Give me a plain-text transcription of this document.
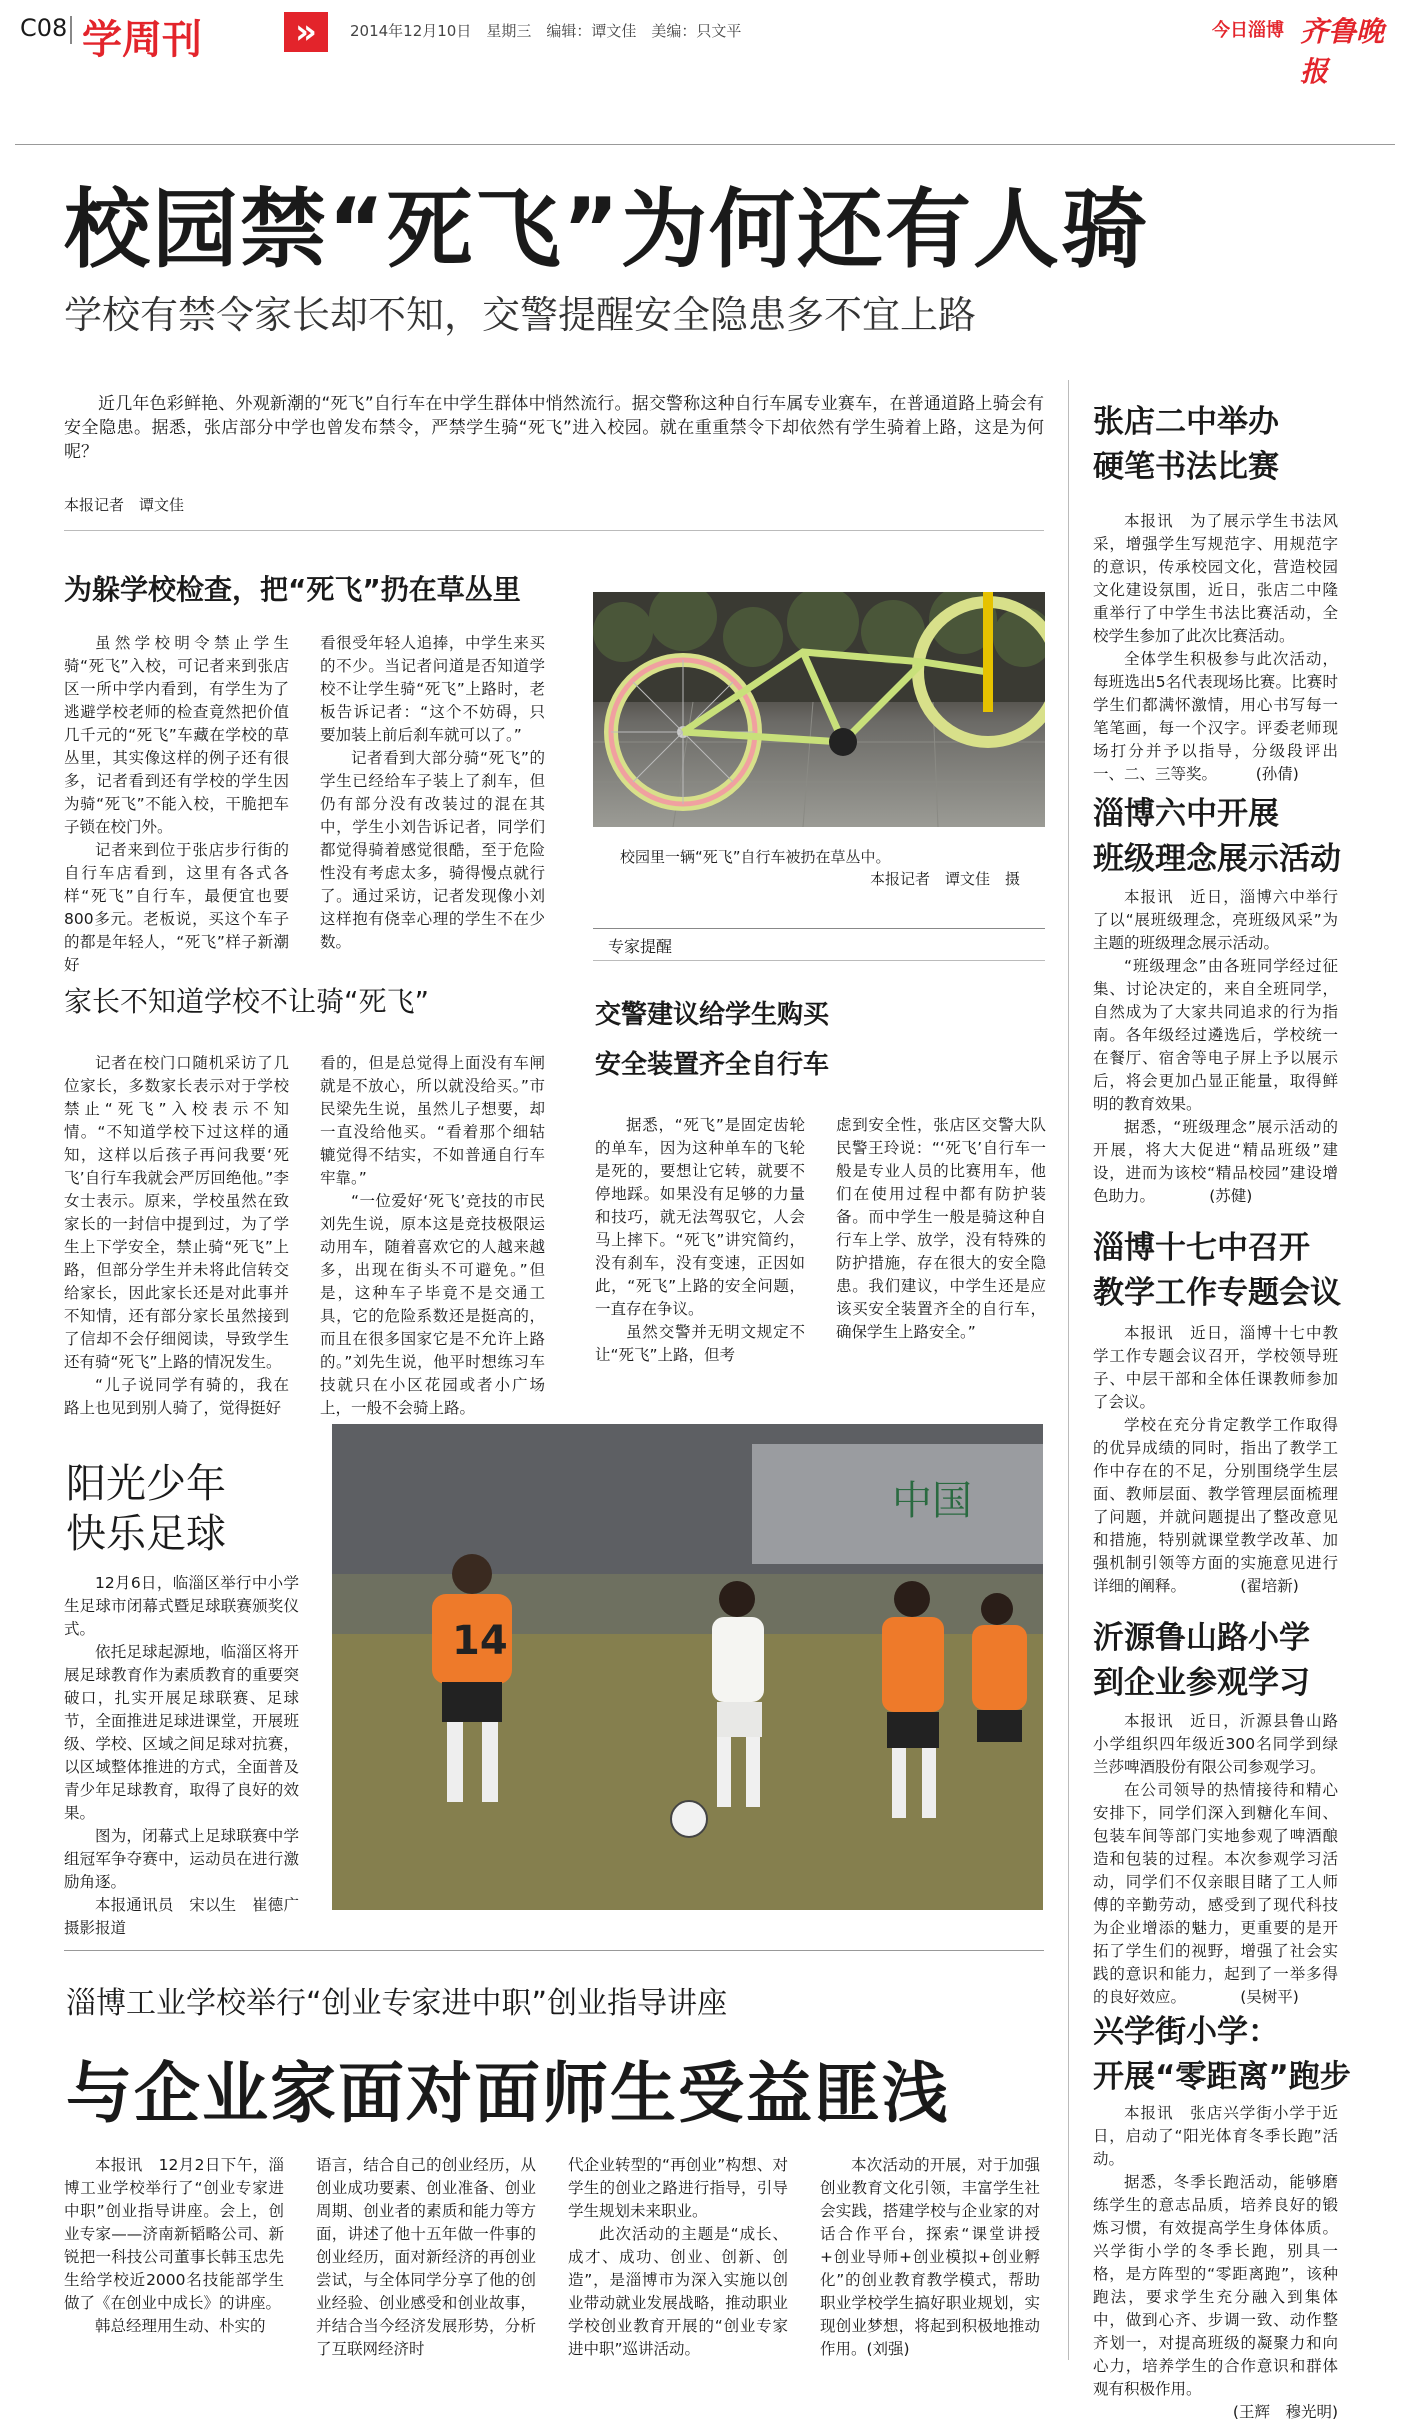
C08 学周刊	»	2014年12月10日　星期三　编辑：谭文佳　美编：只文平	今日淄博 齐鲁晚报
校园禁“死飞”为何还有人骑
学校有禁令家长却不知，交警提醒安全隐患多不宜上路
近几年色彩鲜艳、外观新潮的“死飞”自行车在中学生群体中悄然流行。据交警称这种自行车属专业赛车，在普通道路上骑会有安全隐患。据悉，张店部分中学也曾发布禁令，严禁学生骑“死飞”进入校园。就在重重禁令下却依然有学生骑着上路，这是为何呢？
本报记者　谭文佳
为躲学校检查，把“死飞”扔在草丛里

虽然学校明令禁止学生骑“死飞”入校，可记者来到张店区一所中学内看到，有学生为了逃避学校老师的检查竟然把价值几千元的“死飞”车藏在学校的草丛里，其实像这样的例子还有很多，记者看到还有学校的学生因为骑“死飞”不能入校，干脆把车子锁在校门外。

记者来到位于张店步行街的自行车店看到，这里有各式各样“死飞”自行车，最便宜也要800多元。老板说，买这个车子的都是年轻人，“死飞”样子新潮好

看很受年轻人追捧，中学生来买的不少。当记者问道是否知道学校不让学生骑“死飞”上路时，老板告诉记者：“这个不妨碍，只要加装上前后刹车就可以了。”

记者看到大部分骑“死飞”的学生已经给车子装上了刹车，但仍有部分没有改装过的混在其中，学生小刘告诉记者，同学们都觉得骑着感觉很酷，至于危险性没有考虑太多，骑得慢点就行了。通过采访，记者发现像小刘这样抱有侥幸心理的学生不在少数。

校园里一辆“死飞”自行车被扔在草丛中。
本报记者　谭文佳　摄
专家提醒
交警建议给学生购买
安全装置齐全自行车

据悉，“死飞”是固定齿轮的单车，因为这种单车的飞轮是死的，要想让它转，就要不停地踩。如果没有足够的力量和技巧，就无法驾驭它，人会马上摔下。“死飞”讲究简约，没有刹车，没有变速，正因如此，“死飞”上路的安全问题，一直存在争议。

虽然交警并无明文规定不让“死飞”上路，但考

虑到安全性，张店区交警大队民警王玲说：“‘死飞’自行车一般是专业人员的比赛用车，他们在使用过程中都有防护装备。而中学生一般是骑这种自行车上学、放学，没有特殊的防护措施，存在很大的安全隐患。我们建议，中学生还是应该买安全装置齐全的自行车，确保学生上路安全。”

家长不知道学校不让骑“死飞”

记者在校门口随机采访了几位家长，多数家长表示对于学校禁止“死飞”入校表示不知情。“不知道学校下过这样的通知，这样以后孩子再问我要‘死飞’自行车我就会严厉回绝他。”李女士表示。原来，学校虽然在致家长的一封信中提到过，为了学生上下学安全，禁止骑“死飞”上路，但部分学生并未将此信转交给家长，因此家长还是对此事并不知情，还有部分家长虽然接到了信却不会仔细阅读，导致学生还有骑“死飞”上路的情况发生。

“儿子说同学有骑的，我在路上也见到别人骑了，觉得挺好

看的，但是总觉得上面没有车闸就是不放心，所以就没给买。”市民梁先生说，虽然儿子想要，却一直没给他买。“看着那个细轱辘觉得不结实，不如普通自行车牢靠。”

“一位爱好‘死飞’竞技的市民刘先生说，原本这是竞技极限运动用车，随着喜欢它的人越来越多，出现在街头不可避免。”但是，这种车子毕竟不是交通工具，它的危险系数还是挺高的，而且在很多国家它是不允许上路的。”刘先生说，他平时想练习车技就只在小区花园或者小广场上，一般不会骑上路。

阳光少年
快乐足球

12月6日，临淄区举行中小学生足球市闭幕式暨足球联赛颁奖仪式。

依托足球起源地，临淄区将开展足球教育作为素质教育的重要突破口，扎实开展足球联赛、足球节，全面推进足球进课堂，开展班级、学校、区域之间足球对抗赛，以区域整体推进的方式，全面普及青少年足球教育，取得了良好的效果。

图为，闭幕式上足球联赛中学组冠军争夺赛中，运动员在进行激励角逐。

本报通讯员　宋以生　崔德广　摄影报道

中国
14
淄博工业学校举行“创业专家进中职”创业指导讲座
与企业家面对面师生受益匪浅

本报讯　12月2日下午，淄博工业学校举行了“创业专家进中职”创业指导讲座。会上，创业专家——济南新韬略公司、新锐把一科技公司董事长韩玉忠先生给学校近2000名技能部学生做了《在创业中成长》的讲座。

韩总经理用生动、朴实的

语言，结合自己的创业经历，从创业成功要素、创业准备、创业周期、创业者的素质和能力等方面，讲述了他十五年做一件事的创业经历，面对新经济的再创业尝试，与全体同学分享了他的创业经验、创业感受和创业故事，并结合当今经济发展形势，分析了互联网经济时

代企业转型的“再创业”构想、对学生的创业之路进行指导，引导学生规划未来职业。

此次活动的主题是“成长、成才、成功、创业、创新、创造”，是淄博市为深入实施以创业带动就业发展战略，推动职业学校创业教育开展的“创业专家进中职”巡讲活动。

本次活动的开展，对于加强创业教育文化引领，丰富学生社会实践，搭建学校与企业家的对话合作平台，探索“课堂讲授+创业导师+创业模拟+创业孵化”的创业教育教学模式，帮助职业学校学生搞好职业规划，实现创业梦想，将起到积极地推动作用。(刘强)

张店二中举办
硬笔书法比赛

本报讯　为了展示学生书法风采，增强学生写规范字、用规范字的意识，传承校园文化，营造校园文化建设氛围，近日，张店二中隆重举行了中学生书法比赛活动，全校学生参加了此次比赛活动。

全体学生积极参与此次活动，每班选出5名代表现场比赛。比赛时学生们都满怀激情，用心书写每一笔笔画，每一个汉字。评委老师现场打分并予以指导，分级段评出一、二、三等奖。　　　(孙倩)

淄博六中开展
班级理念展示活动

本报讯　近日，淄博六中举行了以“展班级理念，亮班级风采”为主题的班级理念展示活动。

“班级理念”由各班同学经过征集、讨论决定的，来自全班同学，自然成为了大家共同追求的行为指南。各年级经过遴选后，学校统一在餐厅、宿舍等电子屏上予以展示后，将会更加凸显正能量，取得鲜明的教育效果。

据悉，“班级理念”展示活动的开展，将大大促进“精品班级”建设，进而为该校“精品校园”建设增色助力。　　　　(苏健)

淄博十七中召开
教学工作专题会议

本报讯　近日，淄博十七中教学工作专题会议召开，学校领导班子、中层干部和全体任课教师参加了会议。

学校在充分肯定教学工作取得的优异成绩的同时，指出了教学工作中存在的不足，分别围绕学生层面、教师层面、教学管理层面梳理了问题，并就问题提出了整改意见和措施，特别就课堂教学改革、加强机制引领等方面的实施意见进行详细的阐释。　　　　(翟培新)

沂源鲁山路小学
到企业参观学习

本报讯　近日，沂源县鲁山路小学组织四年级近300名同学到绿兰莎啤酒股份有限公司参观学习。

在公司领导的热情接待和精心安排下，同学们深入到糖化车间、包装车间等部门实地参观了啤酒酿造和包装的过程。本次参观学习活动，同学们不仅亲眼目睹了工人师傅的辛勤劳动，感受到了现代科技为企业增添的魅力，更重要的是开拓了学生们的视野，增强了社会实践的意识和能力，起到了一举多得的良好效应。　　　　(吴树平)

兴学街小学：
开展“零距离”跑步

本报讯　张店兴学街小学于近日，启动了“阳光体育冬季长跑”活动。

据悉，冬季长跑活动，能够磨练学生的意志品质，培养良好的锻炼习惯，有效提高学生身体体质。兴学街小学的冬季长跑，别具一格，是方阵型的“零距离跑”，该种跑法，要求学生充分融入到集体中，做到心齐、步调一致、动作整齐划一，对提高班级的凝聚力和向心力，培养学生的合作意识和群体观有积极作用。

(王辉　穆光明)
